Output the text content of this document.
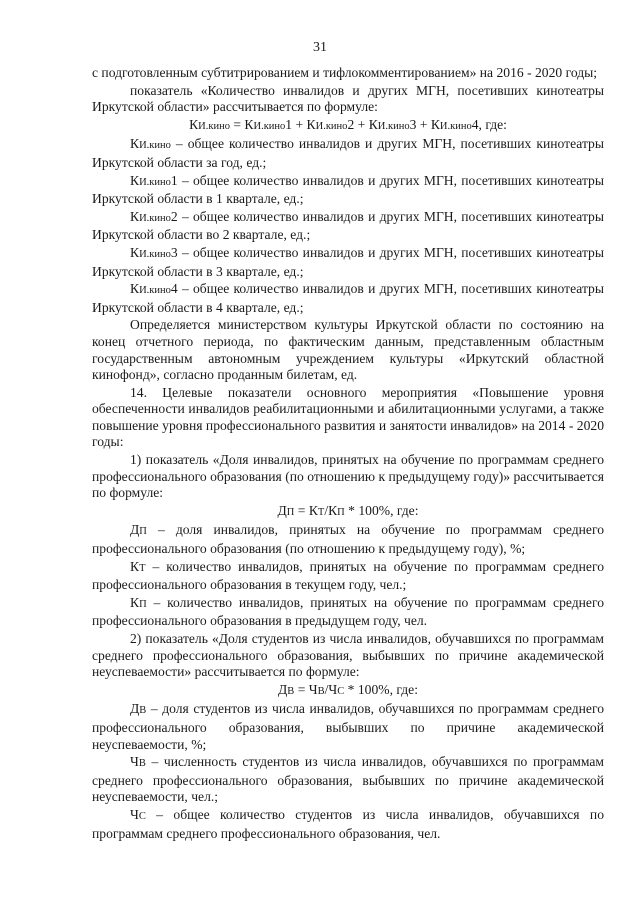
31

с подготовленным субтитрированием и тифлокомментированием» на 2016 - 2020 годы;

показатель «Количество инвалидов и других МГН, посетивших кинотеатры Иркутской области» рассчитывается по формуле:

КИ.кино = КИ.кино1 + КИ.кино2 + КИ.кино3 + КИ.кино4, где:

КИ.кино – общее количество инвалидов и других МГН, посетивших кинотеатры Иркутской области за год, ед.;

КИ.кино1 – общее количество инвалидов и других МГН, посетивших кинотеатры Иркутской области в 1 квартале, ед.;

КИ.кино2 – общее количество инвалидов и других МГН, посетивших кинотеатры Иркутской области во 2 квартале, ед.;

КИ.кино3 – общее количество инвалидов и других МГН, посетивших кинотеатры Иркутской области в 3 квартале, ед.;

КИ.кино4 – общее количество инвалидов и других МГН, посетивших кинотеатры Иркутской области в 4 квартале, ед.;

Определяется министерством культуры Иркутской области по состоянию на конец отчетного периода, по фактическим данным, представленным областным государственным автономным учреждением культуры «Иркутский областной кинофонд», согласно проданным билетам, ед.

14. Целевые показатели основного мероприятия «Повышение уровня обеспеченности инвалидов реабилитационными и абилитационными услугами, а также повышение уровня профессионального развития и занятости инвалидов» на 2014 - 2020 годы:

1) показатель «Доля инвалидов, принятых на обучение по программам среднего профессионального образования (по отношению к предыдущему году)» рассчитывается по формуле:

ДП = КТ/КП * 100%, где:

ДП – доля инвалидов, принятых на обучение по программам среднего профессионального образования (по отношению к предыдущему году), %;

КТ – количество инвалидов, принятых на обучение по программам среднего профессионального образования в текущем году, чел.;

КП – количество инвалидов, принятых на обучение по программам среднего профессионального образования в предыдущем году, чел.

2) показатель «Доля студентов из числа инвалидов, обучавшихся по программам среднего профессионального образования, выбывших по причине академической неуспеваемости» рассчитывается по формуле:

ДВ = ЧВ/ЧС * 100%, где:

ДВ – доля студентов из числа инвалидов, обучавшихся по программам среднего профессионального образования, выбывших по причине академической неуспеваемости, %;

ЧВ – численность студентов из числа инвалидов, обучавшихся по программам среднего профессионального образования, выбывших по причине академической неуспеваемости, чел.;

ЧС – общее количество студентов из числа инвалидов, обучавшихся по программам среднего профессионального образования, чел.
